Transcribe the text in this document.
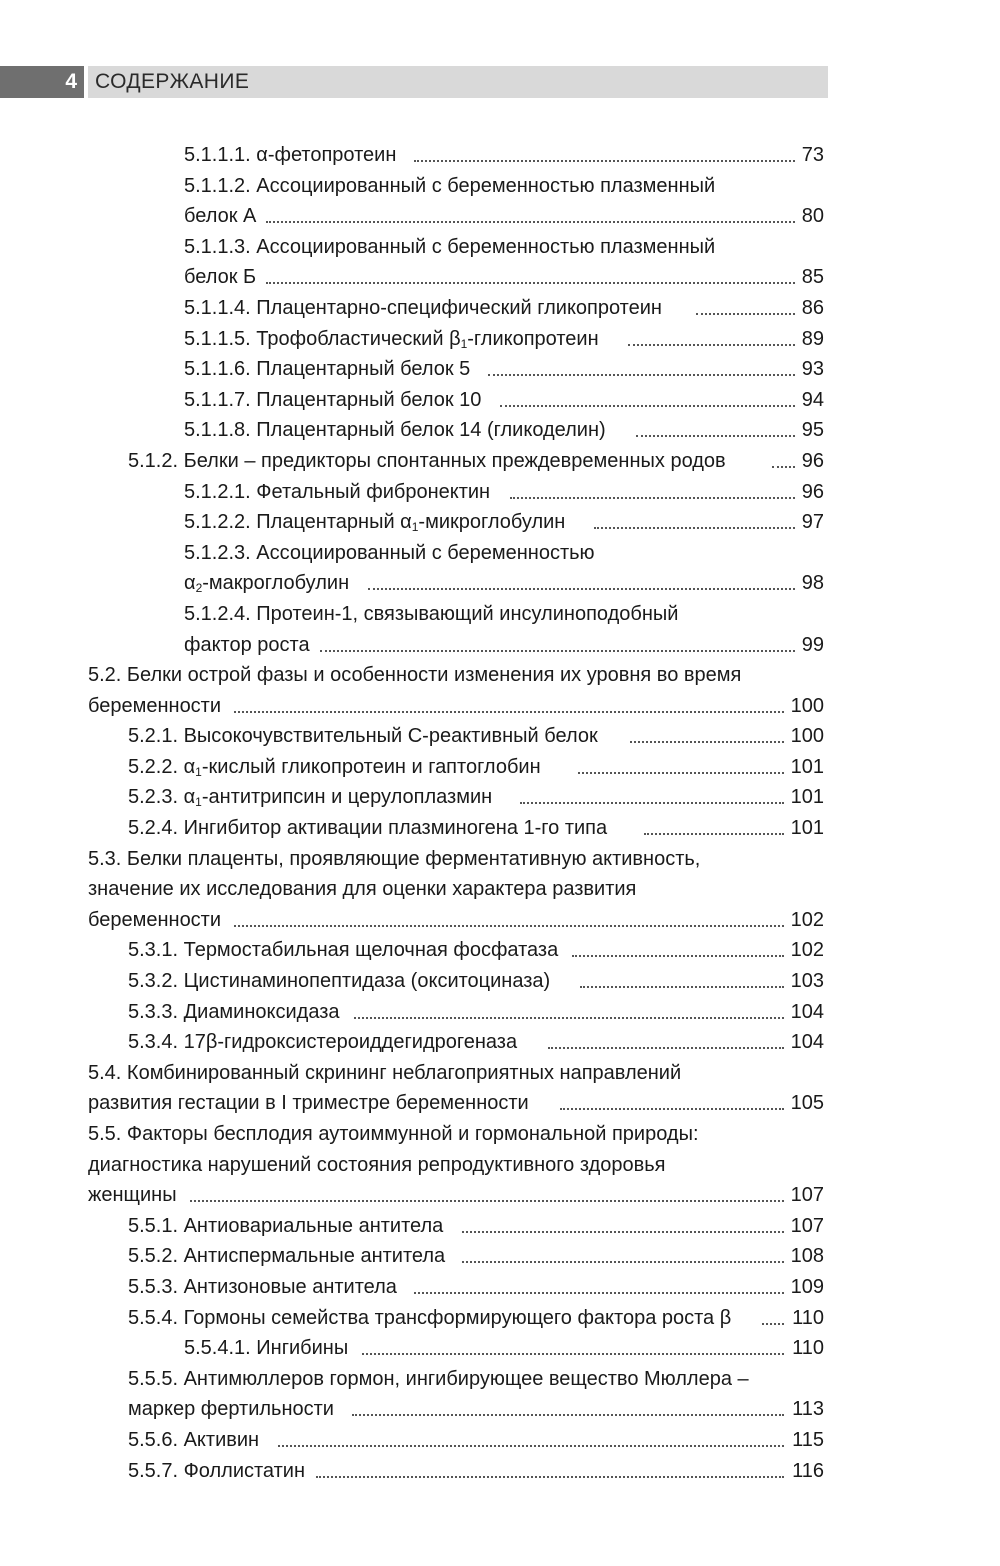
4 СОДЕРЖАНИЕ
5.1.1.1. α-фетопротеин	73
5.1.1.2. Ассоциированный с беременностью плазменный
белок А	80
5.1.1.3. Ассоциированный с беременностью плазменный
белок Б	85
5.1.1.4. Плацентарно-специфический гликопротеин	86
5.1.1.5. Трофобластический $\beta_1$-гликопротеин	89
5.1.1.6. Плацентарный белок 5	93
5.1.1.7. Плацентарный белок 10	94
5.1.1.8. Плацентарный белок 14 (гликоделин)	95
5.1.2. Белки – предикторы спонтанных преждевременных родов	96
5.1.2.1. Фетальный фибронектин	96
5.1.2.2. Плацентарный $\alpha_1$-микроглобулин	97
5.1.2.3. Ассоциированный с беременностью
$\alpha_2$-макроглобулин	98
5.1.2.4. Протеин-1, связывающий инсулиноподобный
фактор роста	99
5.2. Белки острой фазы и особенности изменения их уровня во время
беременности	100
5.2.1. Высокочувствительный С-реактивный белок	100
5.2.2. $\alpha_1$-кислый гликопротеин и гаптоглобин	101
5.2.3. $\alpha_1$-антитрипсин и церулоплазмин	101
5.2.4. Ингибитор активации плазминогена 1-го типа	101
5.3. Белки плаценты, проявляющие ферментативную активность,
значение их исследования для оценки характера развития
беременности	102
5.3.1. Термостабильная щелочная фосфатаза	102
5.3.2. Цистинаминопептидаза (окситоциназа)	103
5.3.3. Диаминоксидаза	104
5.3.4. 17β-гидроксистероиддегидрогеназа	104
5.4. Комбинированный скрининг неблагоприятных направлений
развития гестации в I триместре беременности	105
5.5. Факторы бесплодия аутоиммунной и гормональной природы:
диагностика нарушений состояния репродуктивного здоровья
женщины	107
5.5.1. Антиовариальные антитела	107
5.5.2. Антиспермальные антитела	108
5.5.3. Антизоновые антитела	109
5.5.4. Гормоны семейства трансформирующего фактора роста β	110
5.5.4.1. Ингибины	110
5.5.5. Антимюллеров гормон, ингибирующее вещество Мюллера –
маркер фертильности	113
5.5.6. Активин	115
5.5.7. Фоллистатин	116
